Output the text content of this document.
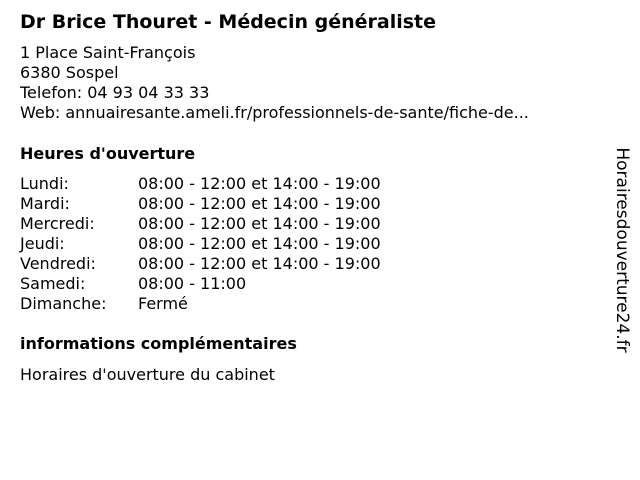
Dr Brice Thouret - Médecin généraliste
1 Place Saint-François
6380 Sospel
Telefon: 04 93 04 33 33
Web: annuairesante.ameli.fr/professionnels-de-sante/fiche-de...
Heures d'ouverture
Lundi:	08:00 - 12:00 et 14:00 - 19:00
Mardi:	08:00 - 12:00 et 14:00 - 19:00
Mercredi:	08:00 - 12:00 et 14:00 - 19:00
Jeudi:	08:00 - 12:00 et 14:00 - 19:00
Vendredi:	08:00 - 12:00 et 14:00 - 19:00
Samedi:	08:00 - 11:00
Dimanche: Fermé
informations complémentaires
Horaires d'ouverture du cabinet
Horairesdouverture24.fr
